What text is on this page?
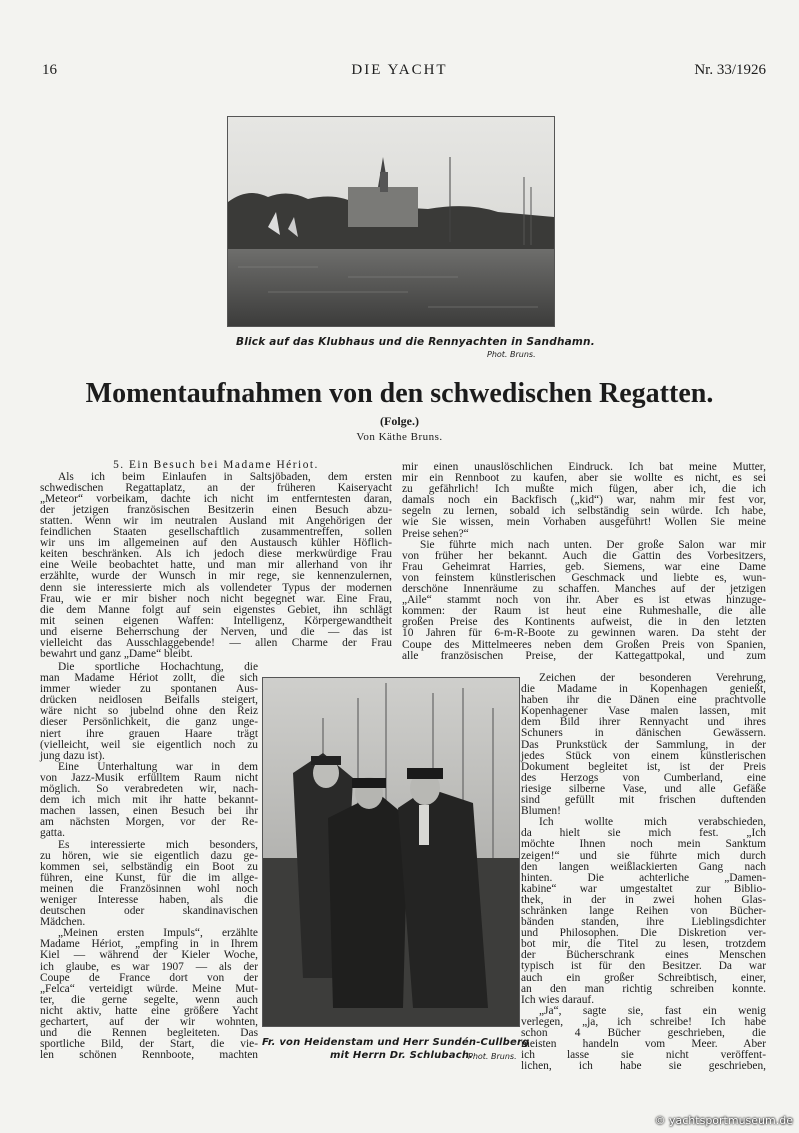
16	DIE YACHT	Nr. 33/1926
Blick auf das Klubhaus und die Rennyachten in Sandhamn.
Phot. Bruns.
Momentaufnahmen von den schwedischen Regatten.
(Folge.)
Von Käthe Bruns.
5. Ein Besuch bei Madame Hériot.
Als ich beim Einlaufen in Saltsjöbaden, dem ersten
schwedischen Regattaplatz, an der früheren Kaiseryacht
„Meteor“ vorbeikam, dachte ich nicht im entferntesten daran,
der jetzigen französischen Besitzerin einen Besuch abzu-
statten. Wenn wir im neutralen Ausland mit Angehörigen der
feindlichen Staaten gesellschaftlich zusammentreffen, sollen
wir uns im allgemeinen auf den Austausch kühler Höflich-
keiten beschränken. Als ich jedoch diese merkwürdige Frau
eine Weile beobachtet hatte, und man mir allerhand von ihr
erzählte, wurde der Wunsch in mir rege, sie kennenzulernen,
denn sie interessierte mich als vollendeter Typus der modernen
Frau, wie er mir bisher noch nicht begegnet war. Eine Frau,
die dem Manne folgt auf sein eigenstes Gebiet, ihn schlägt
mit seinen eigenen Waffen: Intelligenz, Körpergewandtheit
und eiserne Beherrschung der Nerven, und die — das ist
vielleicht das Ausschlaggebende! — allen Charme der Frau
bewahrt und ganz „Dame“ bleibt.
Die sportliche Hochachtung, die
man Madame Hériot zollt, die sich
immer wieder zu spontanen Aus-
drücken neidlosen Beifalls steigert,
wäre nicht so jubelnd ohne den Reiz
dieser Persönlichkeit, die ganz unge-
niert ihre grauen Haare trägt
(vielleicht, weil sie eigentlich noch zu
jung dazu ist).
Eine Unterhaltung war in dem
von Jazz-Musik erfülltem Raum nicht
möglich. So verabredeten wir, nach-
dem ich mich mit ihr hatte bekannt-
machen lassen, einen Besuch bei ihr
am nächsten Morgen, vor der Re-
gatta.
Es interessierte mich besonders,
zu hören, wie sie eigentlich dazu ge-
kommen sei, selbständig ein Boot zu
führen, eine Kunst, für die im allge-
meinen die Französinnen wohl noch
weniger Interesse haben, als die
deutschen oder skandinavischen
Mädchen.
„Meinen ersten Impuls“, erzählte
Madame Hériot, „empfing in in Ihrem
Kiel — während der Kieler Woche,
ich glaube, es war 1907 — als der
Coupe de France dort von der
„Felca“ verteidigt würde. Meine Mut-
ter, die gerne segelte, wenn auch
nicht aktiv, hatte eine größere Yacht
gechartert, auf der wir wohnten,
und die Rennen begleiteten. Das
sportliche Bild, der Start, die vie-
len schönen Rennboote, machten
mir einen unauslöschlichen Eindruck. Ich bat meine Mutter,
mir ein Rennboot zu kaufen, aber sie wollte es nicht, es sei
zu gefährlich! Ich mußte mich fügen, aber ich, die ich
damals noch ein Backfisch („kid“) war, nahm mir fest vor,
segeln zu lernen, sobald ich selbständig sein würde. Ich habe,
wie Sie wissen, mein Vorhaben ausgeführt! Wollen Sie meine
Preise sehen?“
Sie führte mich nach unten. Der große Salon war mir
von früher her bekannt. Auch die Gattin des Vorbesitzers,
Frau Geheimrat Harries, geb. Siemens, war eine Dame
von feinstem künstlerischen Geschmack und liebte es, wun-
derschöne Innenräume zu schaffen. Manches auf der jetzigen
„Aile“ stammt noch von ihr. Aber es ist etwas hinzuge-
kommen: der Raum ist heut eine Ruhmeshalle, die alle
großen Preise des Kontinents aufweist, die in den letzten
10 Jahren für 6-m-R-Boote zu gewinnen waren. Da steht der
Coupe des Mittelmeeres neben dem Großen Preis von Spanien,
alle französischen Preise, der Kattegattpokal, und zum
Zeichen der besonderen Verehrung,
die Madame in Kopenhagen genießt,
haben ihr die Dänen eine prachtvolle
Kopenhagener Vase malen lassen, mit
dem Bild ihrer Rennyacht und ihres
Schuners in dänischen Gewässern.
Das Prunkstück der Sammlung, in der
jedes Stück von einem künstlerischen
Dokument begleitet ist, ist der Preis
des Herzogs von Cumberland, eine
riesige silberne Vase, und alle Gefäße
sind gefüllt mit frischen duftenden
Blumen!
Ich wollte mich verabschieden,
da hielt sie mich fest. „Ich
möchte Ihnen noch mein Sanktum
zeigen!“ und sie führte mich durch
den langen weißlackierten Gang nach
hinten. Die achterliche „Damen-
kabine“ war umgestaltet zur Biblio-
thek, in der in zwei hohen Glas-
schränken lange Reihen von Bücher-
bänden standen, ihre Lieblingsdichter
und Philosophen. Die Diskretion ver-
bot mir, die Titel zu lesen, trotzdem
der Bücherschrank eines Menschen
typisch ist für den Besitzer. Da war
auch ein großer Schreibtisch, einer,
an den man richtig schreiben konnte.
Ich wies darauf.
„Ja“, sagte sie, fast ein wenig
verlegen, „ja, ich schreibe! Ich habe
schon 4 Bücher geschrieben, die
meisten handeln vom Meer. Aber
ich lasse sie nicht veröffent-
lichen, ich habe sie geschrieben,
Fr. von Heidenstam und Herr Sundén-Cullberg
mit Herrn Dr. Schlubach.
Phot. Bruns.
© yachtsportmuseum.de
